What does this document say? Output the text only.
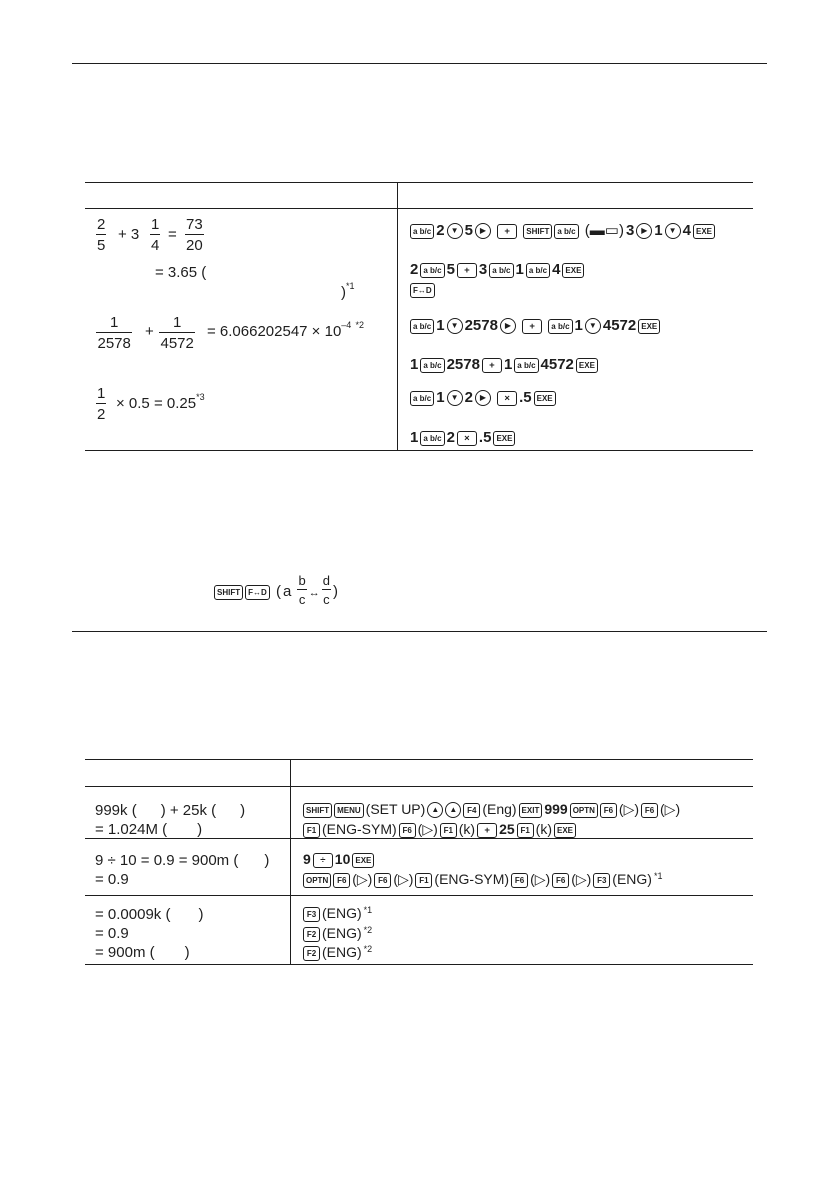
$\frac{2}{5} + 3 \frac{1}{4} = \frac{73}{20}$
= 3.65 (
)$^{*1}$
$\frac{1}{2578} + \frac{1}{4572} = 6.066202547 \times 10^{-4}$ $^{*2}$
$\frac{1}{2} \times 0.5 = 0.25^{*3}$
a b/c 2 ▼ 5 ▶ + SHIFT a b/c (▬▭) 3 ▶ 1 ▼ 4 EXE
2 a b/c 5 + 3 a b/c 1 a b/c 4 EXE
F↔D
a b/c 1 ▼ 2578 ▶ + a b/c 1 ▼ 4572 EXE
1 a b/c 2578 + 1 a b/c 4572 EXE
a b/c 1 ▼ 2 ▶ × .5 EXE
1 a b/c 2 × .5 EXE
SHIFT F↔D ( a $\frac{b}{c}$ ↔ $\frac{d}{c}$ )
999k ( ) + 25k ( )
= 1.024M ( )
9 ÷ 10 = 0.9 = 900m ( )
= 0.9
= 0.0009k ( )
= 0.9
= 900m ( )
SHIFT MENU (SET UP) ▲ ▲ F4 (Eng) EXIT 999 OPTN F6 (▷) F6 (▷)
F1 (ENG-SYM) F6 (▷) F1 (k) + 25 F1 (k) EXE
9 ÷ 10 EXE
OPTN F6 (▷) F6 (▷) F1 (ENG-SYM) F6 (▷) F6 (▷) F3 (ENG) $^{*1}$
F3 (ENG) $^{*1}$
F2 (ENG) $^{*2}$
F2 (ENG) $^{*2}$
